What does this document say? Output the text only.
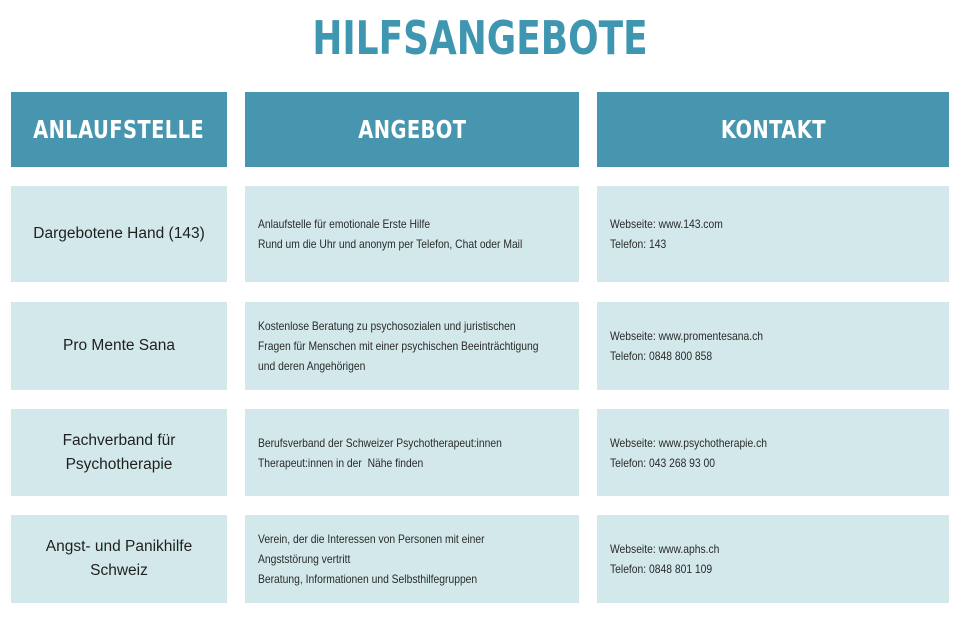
HILFSANGEBOTE
ANLAUFSTELLE	ANGEBOT	KONTAKT
Dargebotene Hand (143)
Anlaufstelle für emotionale Erste Hilfe
Rund um die Uhr und anonym per Telefon, Chat oder Mail
Webseite: www.143.com
Telefon: 143
Pro Mente Sana
Kostenlose Beratung zu psychosozialen und juristischen
Fragen für Menschen mit einer psychischen Beeinträchtigung
und deren Angehörigen
Webseite: www.promentesana.ch
Telefon: 0848 800 858
Fachverband für
Psychotherapie
Berufsverband der Schweizer Psychotherapeut:innen
Therapeut:innen in der  Nähe finden
Webseite: www.psychotherapie.ch
Telefon: 043 268 93 00
Angst- und Panikhilfe
Schweiz
Verein, der die Interessen von Personen mit einer
Angststörung vertritt
Beratung, Informationen und Selbsthilfegruppen
Webseite: www.aphs.ch
Telefon: 0848 801 109
